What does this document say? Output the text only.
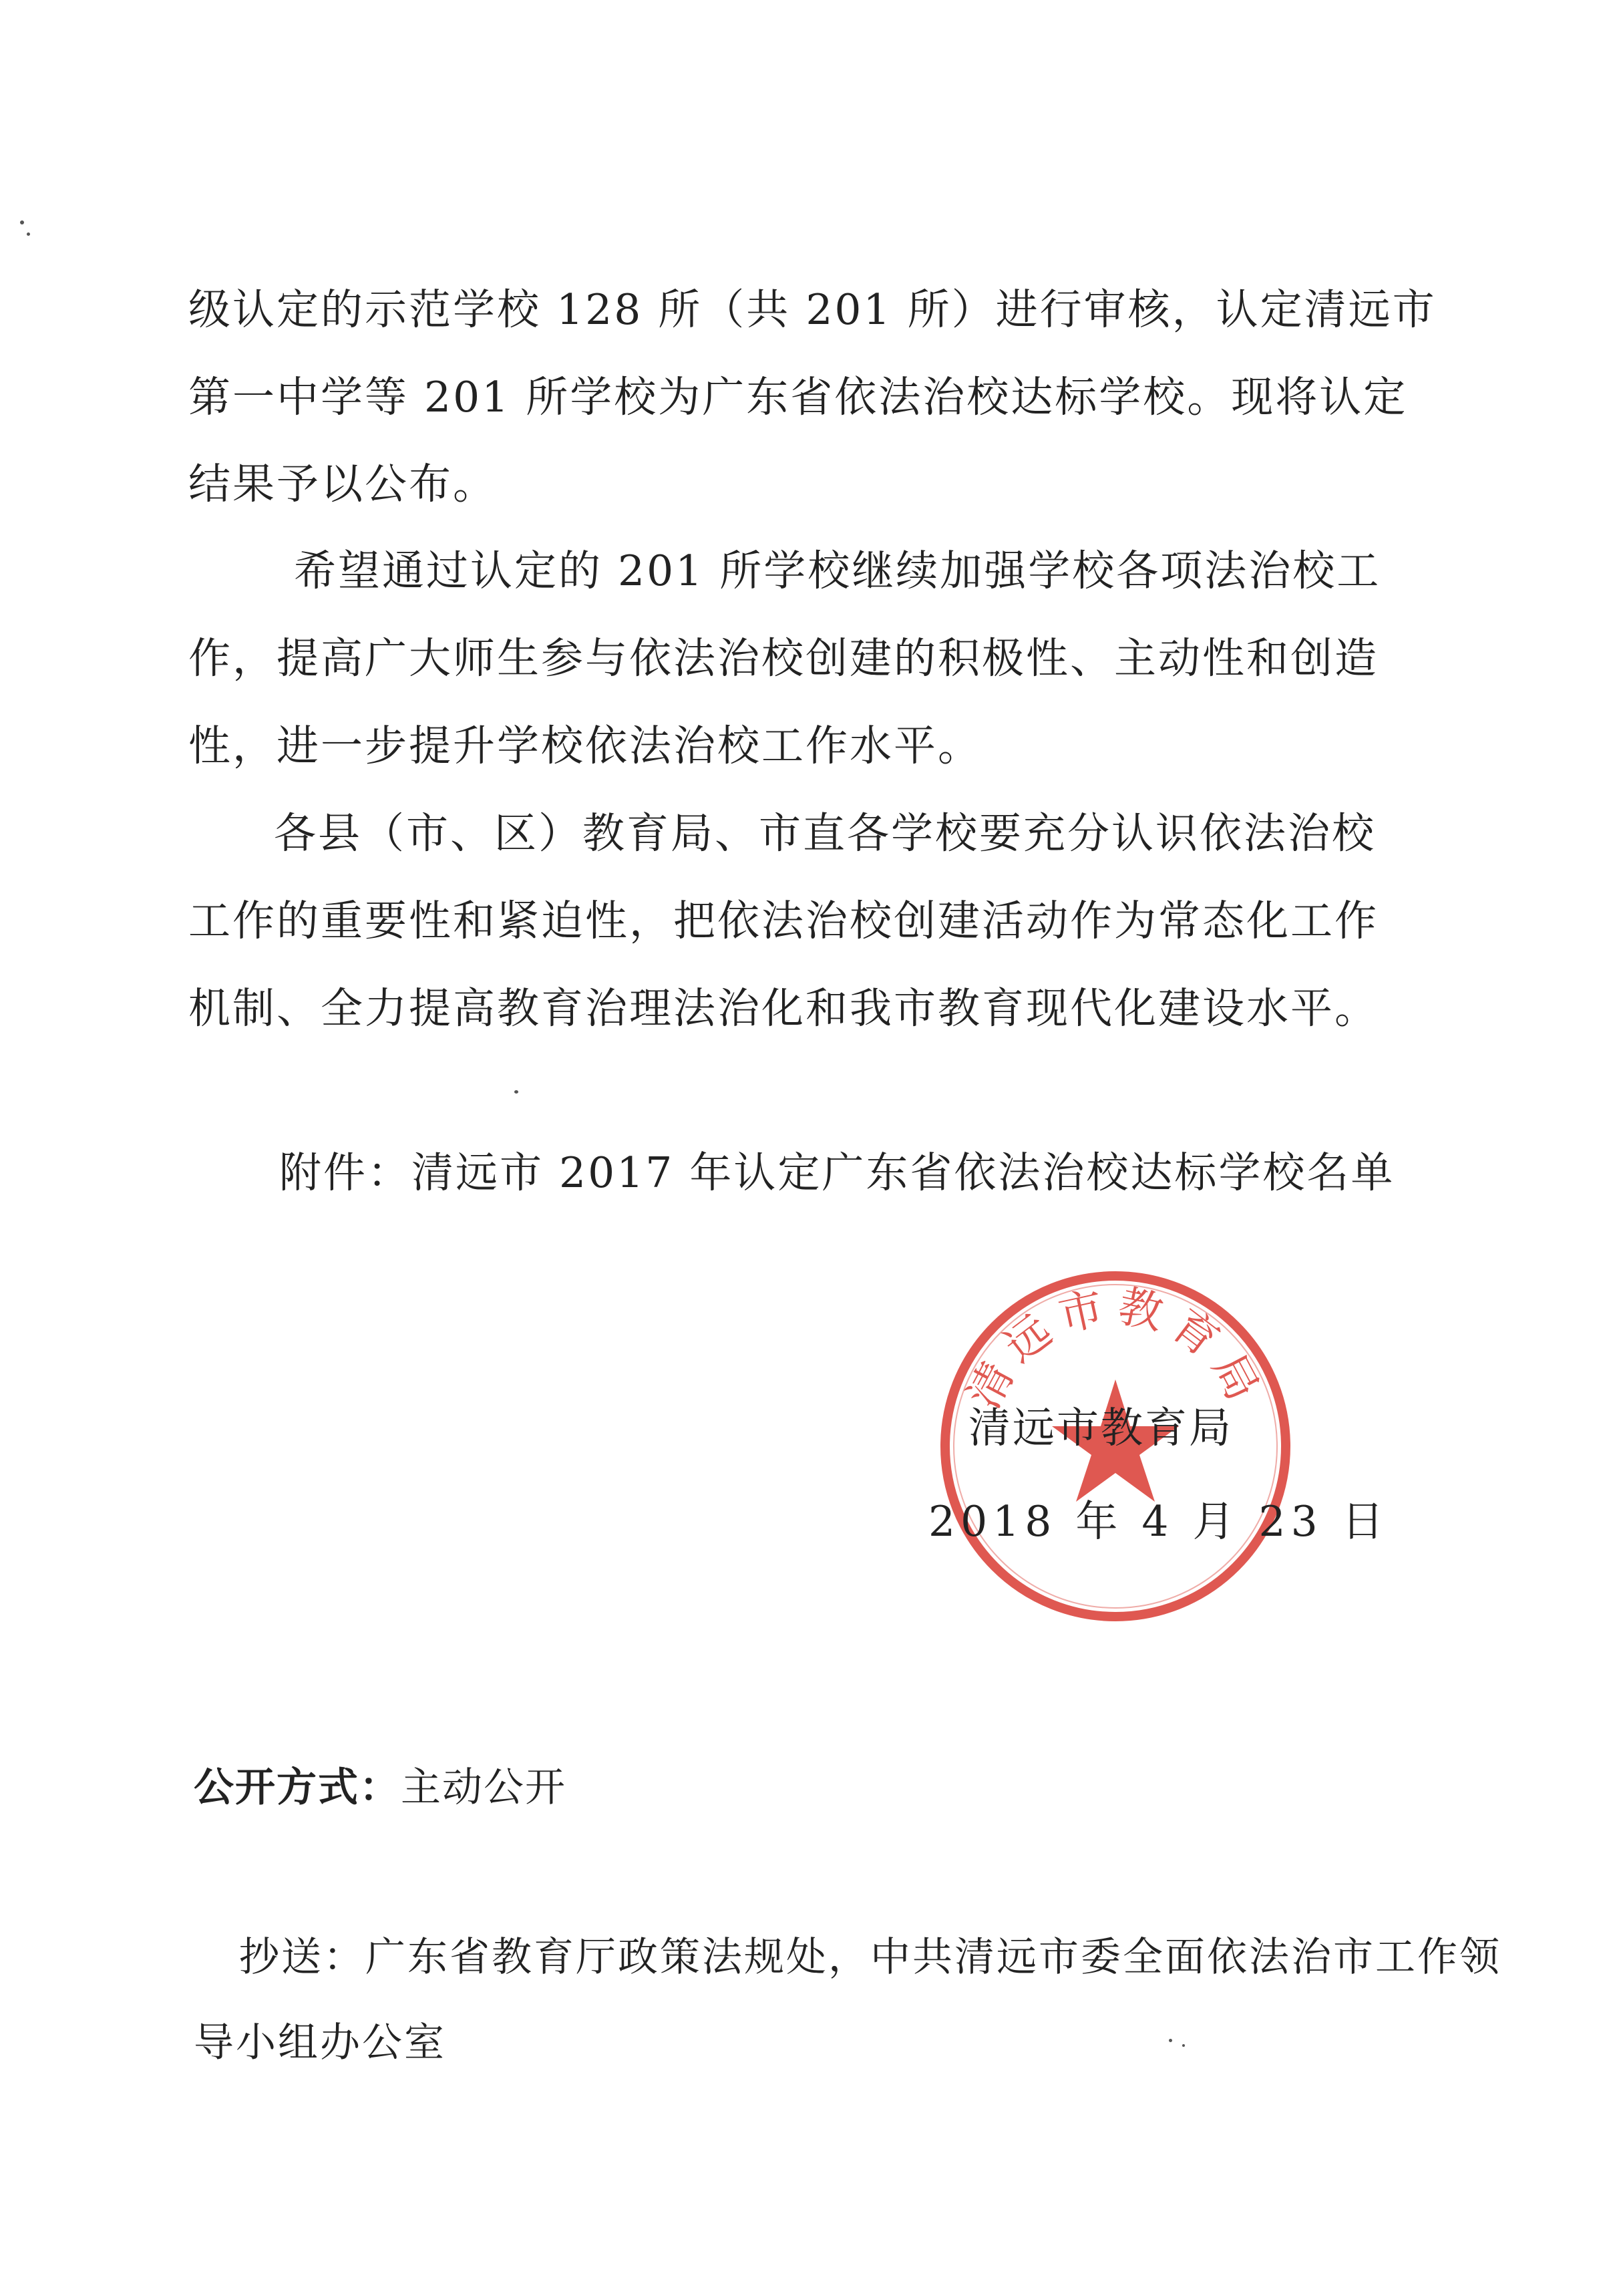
级认定的示范学校 128 所（共 201 所）进行审核，认定清远市
第一中学等 201 所学校为广东省依法治校达标学校。现将认定
结果予以公布。
希望通过认定的 201 所学校继续加强学校各项法治校工
作，提高广大师生参与依法治校创建的积极性、主动性和创造
性，进一步提升学校依法治校工作水平。
各县（市、区）教育局、市直各学校要充分认识依法治校
工作的重要性和紧迫性，把依法治校创建活动作为常态化工作
机制、全力提高教育治理法治化和我市教育现代化建设水平。
附件：清远市 2017 年认定广东省依法治校达标学校名单
清远市教育局
清远市教育局
2018 年 4 月 23 日
公开方式：主动公开
抄送：广东省教育厅政策法规处，中共清远市委全面依法治市工作领
导小组办公室
